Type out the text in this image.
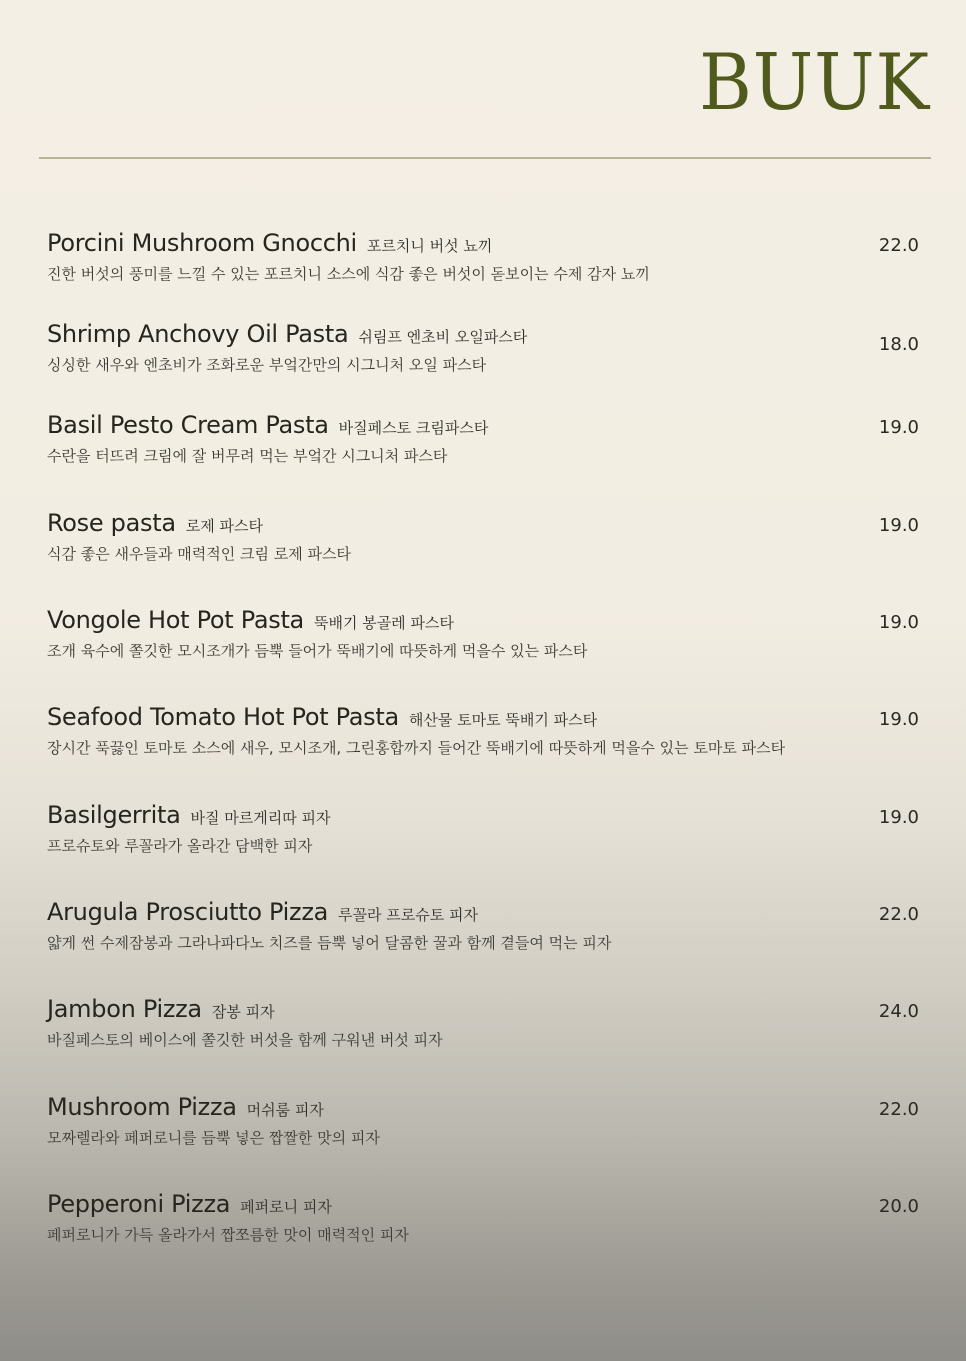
BUUK
Porcini Mushroom Gnocchi 포르치니 버섯 뇨끼
진한 버섯의 풍미를 느낄 수 있는 포르치니 소스에 식감 좋은 버섯이 돋보이는 수제 감자 뇨끼
22.0
Shrimp Anchovy Oil Pasta 쉬림프 엔초비 오일파스타
싱싱한 새우와 엔초비가 조화로운 부엌간만의 시그니처 오일 파스타
18.0
Basil Pesto Cream Pasta 바질페스토 크림파스타
수란을 터뜨려 크림에 잘 버무려 먹는 부엌간 시그니처 파스타
19.0
Rose pasta 로제 파스타
식감 좋은 새우들과 매력적인 크림 로제 파스타
19.0
Vongole Hot Pot Pasta 뚝배기 봉골레 파스타
조개 육수에 쫄깃한 모시조개가 듬뿍 들어가 뚝배기에 따뜻하게 먹을수 있는 파스타
19.0
Seafood Tomato Hot Pot Pasta 해산물 토마토 뚝배기 파스타
장시간 푹끓인 토마토 소스에 새우, 모시조개, 그린홍합까지 들어간 뚝배기에 따뜻하게 먹을수 있는 토마토 파스타
19.0
Basilgerrita 바질 마르게리따 피자
프로슈토와 루꼴라가 올라간 담백한 피자
19.0
Arugula Prosciutto Pizza 루꼴라 프로슈토 피자
얇게 썬 수제잠봉과 그라나파다노 치즈를 듬뿍 넣어 달콤한 꿀과 함께 곁들여 먹는 피자
22.0
Jambon Pizza 잠봉 피자
바질페스토의 베이스에 쫄깃한 버섯을 함께 구워낸 버섯 피자
24.0
Mushroom Pizza 머쉬룸 피자
모짜렐라와 페퍼로니를 듬뿍 넣은 짭짤한 맛의 피자
22.0
Pepperoni Pizza 페퍼로니 피자
페퍼로니가 가득 올라가서 짭쪼름한 맛이 매력적인 피자
20.0
